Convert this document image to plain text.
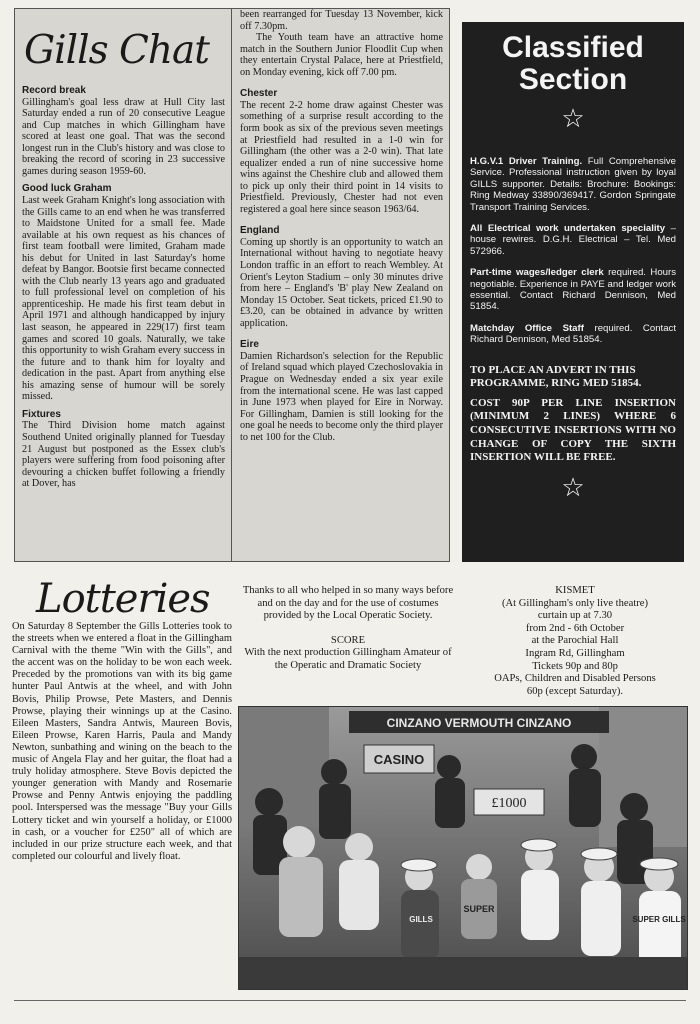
Gills Chat

Record break

Gillingham's goal less draw at Hull City last Saturday ended a run of 20 consecutive League and Cup matches in which Gillingham have scored at least one goal. That was the second longest run in the Club's history and was close to breaking the record of scoring in 23 successive games during season 1959-60.

Good luck Graham

Last week Graham Knight's long association with the Gills came to an end when he was transferred to Maidstone United for a small fee. Made available at his own request as his chances of first team football were limited, Graham made his debut for United in last Saturday's home defeat by Bangor. Bootsie first became connected with the Club nearly 13 years ago and graduated to full professional level on completion of his apprenticeship. He made his first team debut in April 1971 and although handicapped by injury last season, he appeared in 229(17) first team games and scored 10 goals. Naturally, we take this opportunity to wish Graham every success in the future and to thank him for loyalty and dedication in the past. Apart from anything else his amazing sense of humour will be sorely missed.

Fixtures

The Third Division home match against Southend United originally planned for Tuesday 21 August but postponed as the Essex club's players were suffering from food poisoning after devouring a chicken buffet following a friendly at Dover, has

been rearranged for Tuesday 13 November, kick off 7.30pm.

The Youth team have an attractive home match in the Southern Junior Floodlit Cup when they entertain Crystal Palace, here at Priestfield, on Monday evening, kick off 7.00 pm.

Chester

The recent 2-2 home draw against Chester was something of a surprise result according to the form book as six of the previous seven meetings at Priestfield had resulted in a 1-0 win for Gillingham (the other was a 2-0 win). That late equalizer ended a run of nine successive home wins against the Cheshire club and allowed them to pick up only their third point in 14 visits to Priestfield. Previously, Chester had not even registered a goal here since season 1963/64.

England

Coming up shortly is an opportunity to watch an International without having to negotiate heavy London traffic in an effort to reach Wembley. At Orient's Leyton Stadium – only 30 minutes drive from here – England's 'B' play New Zealand on Monday 15 October. Seat tickets, priced £1.90 to £3.20, can be obtained in advance by written application.

Eire

Damien Richardson's selection for the Republic of Ireland squad which played Czechoslovakia in Prague on Wednesday ended a six year exile from the international scene. He was last capped in June 1973 when played for Eire in Norway. For Gillingham, Damien is still looking for the one goal he needs to become only the third player to net 100 for the Club.

Classified
Section
☆

H.G.V.1 Driver Training. Full Comprehensive Service. Professional instruction given by loyal GILLS supporter. Details: Brochure: Bookings: Ring Medway 33890/369417. Gordon Springate Transport Training Services.

All Electrical work undertaken speciality – house rewires. D.G.H. Electrical – Tel. Med 572966.

Part-time wages/ledger clerk required. Hours negotiable. Experience in PAYE and ledger work essential. Contact Richard Dennison, Med 51854.

Matchday Office Staff required. Contact Richard Dennison, Med 51854.

TO PLACE AN ADVERT IN THIS PROGRAMME, RING MED 51854.

COST 90P PER LINE INSERTION (MINIMUM 2 LINES) WHERE 6 CONSECUTIVE INSERTIONS WITH NO CHANGE OF COPY THE SIXTH INSERTION WILL BE FREE.

☆
Lotteries

On Saturday 8 September the Gills Lotteries took to the streets when we entered a float in the Gillingham Carnival with the theme "Win with the Gills", and the accent was on the holiday to be won each week. Preceded by the promotions van with its big game hunter Paul Antwis at the wheel, and with John Bovis, Philip Prowse, Pete Masters, and Dennis Prowse, playing their winnings up at the Casino. Eileen Masters, Sandra Antwis, Maureen Bovis, Eileen Prowse, Karen Harris, Paula and Mandy Newton, sunbathing and wining on the beach to the music of Angela Flay and her guitar, the float had a truly holiday atmosphere. Steve Bovis depicted the younger generation with Mandy and Rosemarie Prowse and Penny Antwis enjoying the paddling pool. Interspersed was the message "Buy your Gills Lottery ticket and win yourself a holiday, or £1000 in cash, or a voucher for £250" all of which are included in our prize structure each week, and that completed our colourful and lively float.

Thanks to all who helped in so many ways before and on the day and for the use of costumes provided by the Local Operatic Society.

SCORE

With the next production Gillingham Amateur of the Operatic and Dramatic Society

KISMET

(At Gillingham's only live theatre)

curtain up at 7.30

from 2nd - 6th October

at the Parochial Hall

Ingram Rd, Gillingham

Tickets 90p and 80p

OAPs, Children and Disabled Persons

60p (except Saturday).

CINZANO VERMOUTH CINZANO
CASINO
£1000
SUPER
SUPER GILLS
GILLS
